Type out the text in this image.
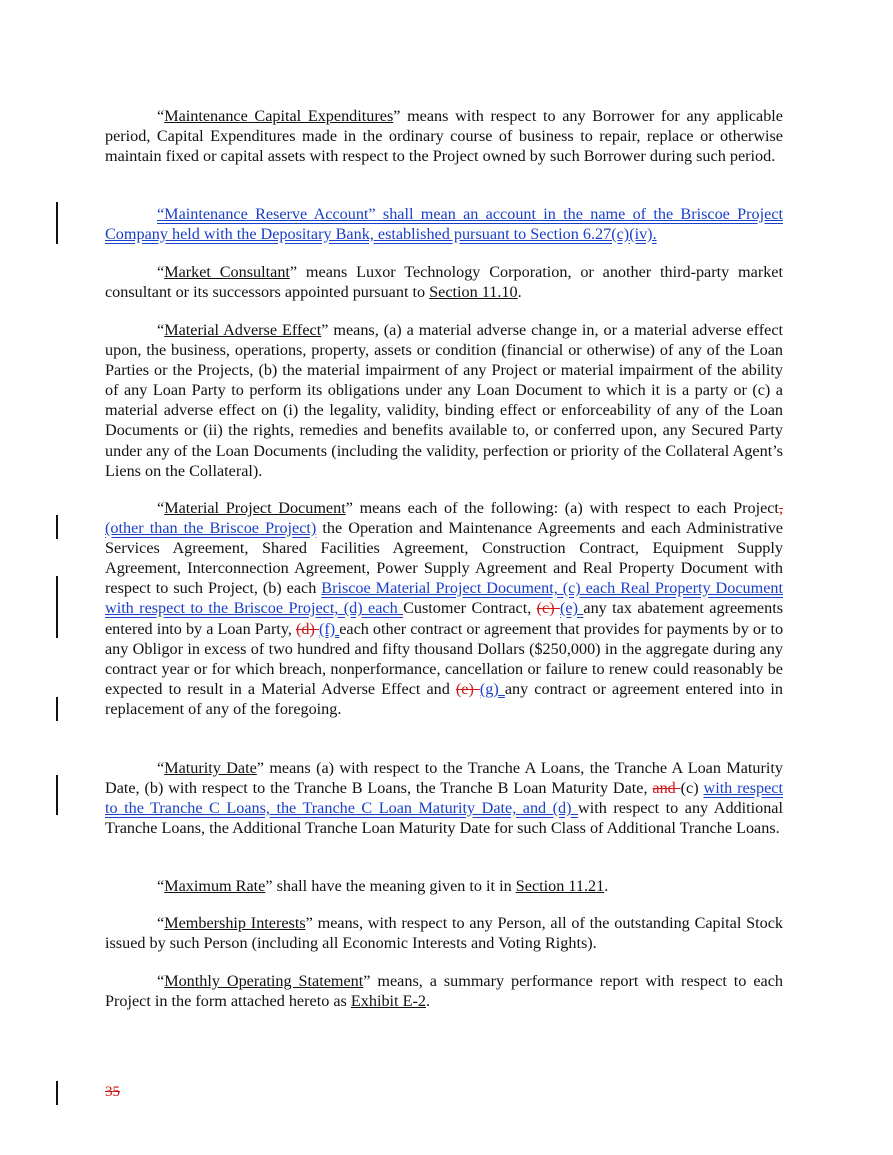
“Maintenance Capital Expenditures” means with respect to any Borrower for any applicable period, Capital Expenditures made in the ordinary course of business to repair, replace or otherwise maintain fixed or capital assets with respect to the Project owned by such Borrower during such period.

“Maintenance Reserve Account” shall mean an account in the name of the Briscoe Project Company held with the Depositary Bank, established pursuant to Section 6.27(c)(iv).

“Market Consultant” means Luxor Technology Corporation, or another third-party market consultant or its successors appointed pursuant to Section 11.10.

“Material Adverse Effect” means, (a) a material adverse change in, or a material adverse effect upon, the business, operations, property, assets or condition (financial or otherwise) of any of the Loan Parties or the Projects, (b) the material impairment of any Project or material impairment of the ability of any Loan Party to perform its obligations under any Loan Document to which it is a party or (c) a material adverse effect on (i) the legality, validity, binding effect or enforceability of any of the Loan Documents or (ii) the rights, remedies and benefits available to, or conferred upon, any Secured Party under any of the Loan Documents (including the validity, perfection or priority of the Collateral Agent’s Liens on the Collateral).

“Material Project Document” means each of the following: (a) with respect to each Project, (other than the Briscoe Project) the Operation and Maintenance Agreements and each Administrative Services Agreement, Shared Facilities Agreement, Construction Contract, Equipment Supply Agreement, Interconnection Agreement, Power Supply Agreement and Real Property Document with respect to such Project, (b) each Briscoe Material Project Document, (c) each Real Property Document with respect to the Briscoe Project, (d) each Customer Contract, (c) (e) any tax abatement agreements entered into by a Loan Party, (d) (f) each other contract or agreement that provides for payments by or to any Obligor in excess of two hundred and fifty thousand Dollars ($250,000) in the aggregate during any contract year or for which breach, nonperformance, cancellation or failure to renew could reasonably be expected to result in a Material Adverse Effect and (e) (g) any contract or agreement entered into in replacement of any of the foregoing.

“Maturity Date” means (a) with respect to the Tranche A Loans, the Tranche A Loan Maturity Date, (b) with respect to the Tranche B Loans, the Tranche B Loan Maturity Date, and (c) with respect to the Tranche C Loans, the Tranche C Loan Maturity Date, and (d) with respect to any Additional Tranche Loans, the Additional Tranche Loan Maturity Date for such Class of Additional Tranche Loans.

“Maximum Rate” shall have the meaning given to it in Section 11.21.

“Membership Interests” means, with respect to any Person, all of the outstanding Capital Stock issued by such Person (including all Economic Interests and Voting Rights).

“Monthly Operating Statement” means, a summary performance report with respect to each Project in the form attached hereto as Exhibit E-2.

35
